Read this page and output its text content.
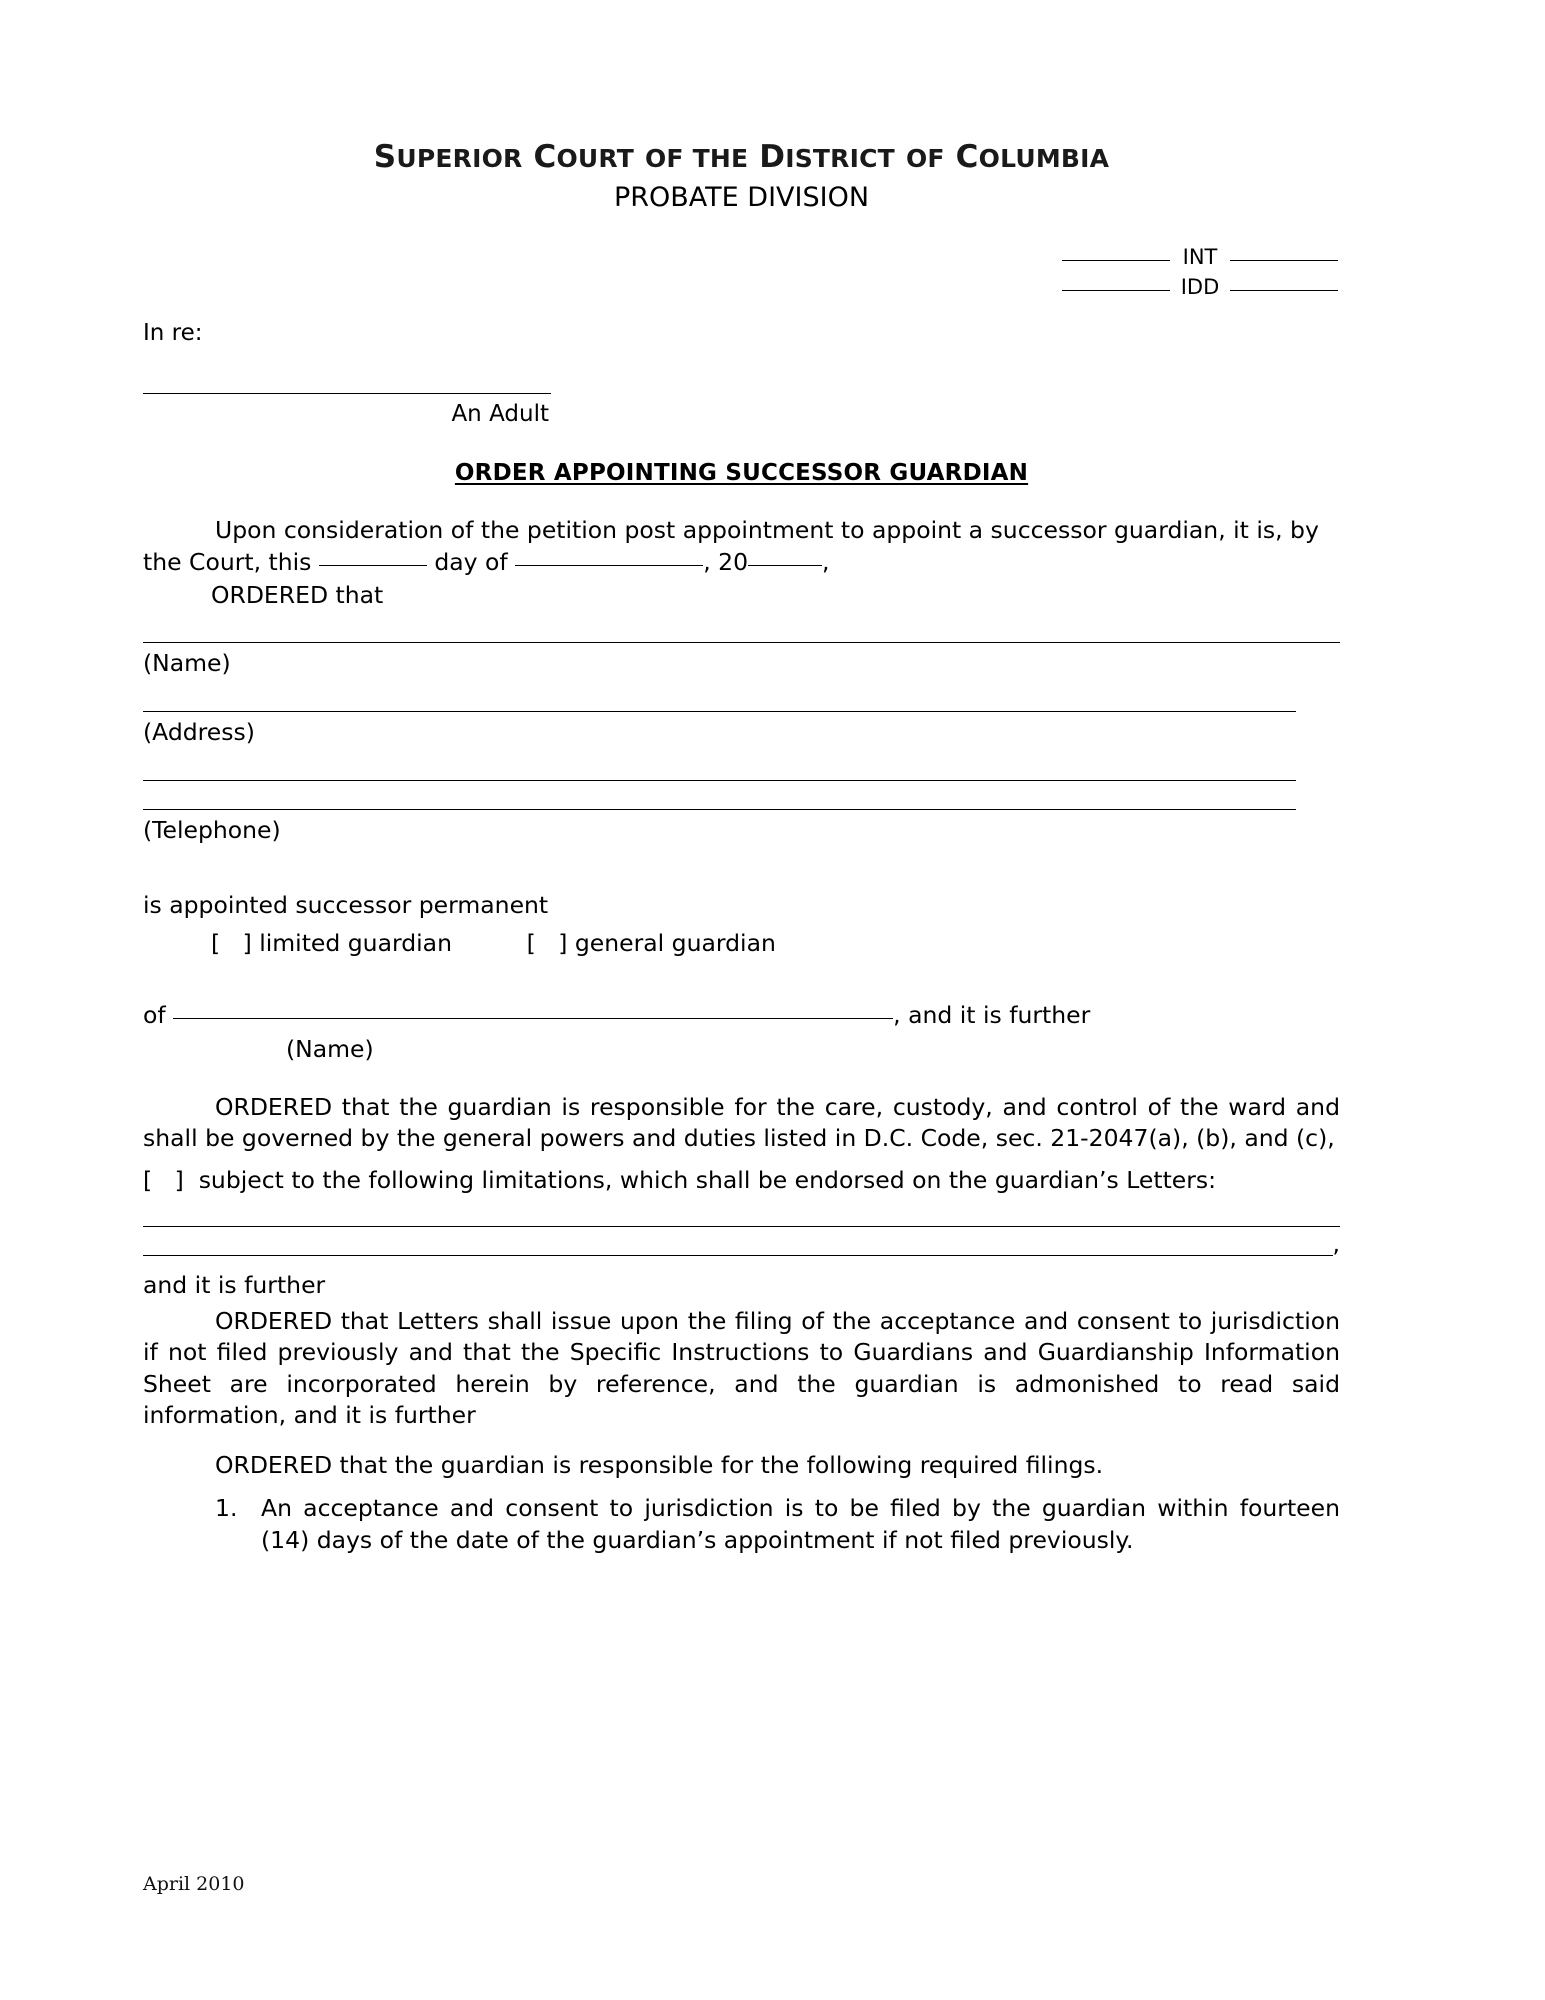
SUPERIOR COURT OF THE DISTRICT OF COLUMBIA
PROBATE DIVISION
INT
IDD
In re:
An Adult
ORDER APPOINTING SUCCESSOR GUARDIAN
Upon consideration of the petition post appointment to appoint a successor guardian, it is, by the Court, this	day of	, 20	,
ORDERED that
(Name)
(Address)
(Telephone)
is appointed successor permanent
[   ] limited guardian	[   ] general guardian
of	, and it is further
(Name)
ORDERED that the guardian is responsible for the care, custody, and control of the ward and shall be governed by the general powers and duties listed in D.C. Code, sec. 21-2047(a), (b), and (c),
[   ]  subject to the following limitations, which shall be endorsed on the guardian’s Letters:
,
and it is further
ORDERED that Letters shall issue upon the filing of the acceptance and consent to jurisdiction if not filed previously and that the Specific Instructions to Guardians and Guardianship Information Sheet are incorporated herein by reference, and the guardian is admonished to read said information, and it is further
ORDERED that the guardian is responsible for the following required filings.
1.	An acceptance and consent to jurisdiction is to be filed by the guardian within fourteen (14) days of the date of the guardian’s appointment if not filed previously.
April 2010
